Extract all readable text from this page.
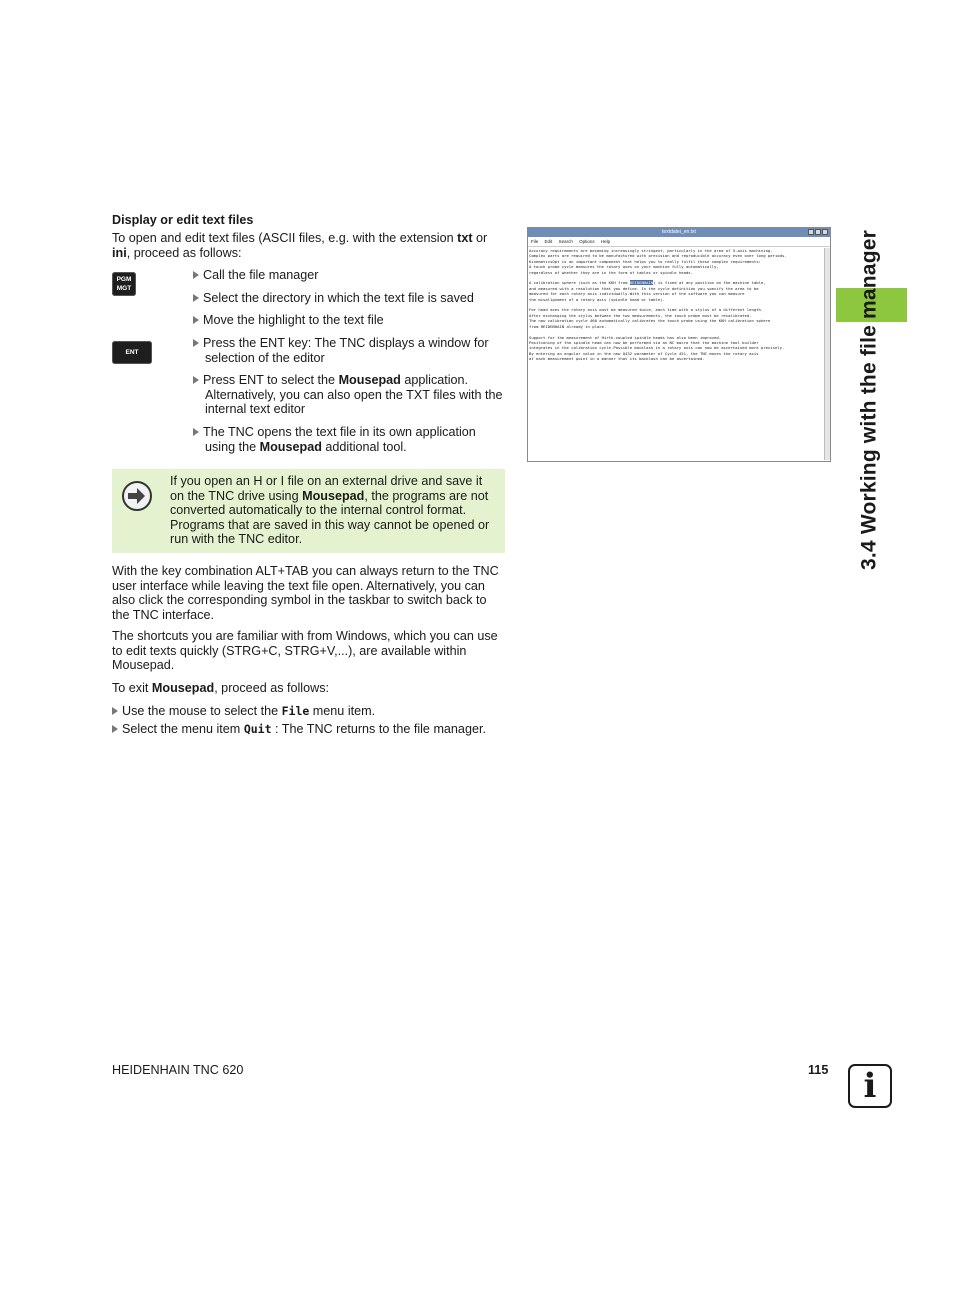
3.4 Working with the file manager
Display or edit text files
To open and edit text files (ASCII files, e.g. with the extension txt or
ini, proceed as follows:
PGM
MGT
ENT
Call the file manager
Select the directory in which the text file is saved
Move the highlight to the text file
Press the ENT key: The TNC displays a window for
selection of the editor
Press ENT to select the Mousepad application.
Alternatively, you can also open the TXT files with the
internal text editor
The TNC opens the text file in its own application
using the Mousepad additional tool.
If you open an H or I file on an external drive and save it
on the TNC drive using Mousepad, the programs are not
converted automatically to the internal control format.
Programs that are saved in this way cannot be opened or
run with the TNC editor.
With the key combination ALT+TAB you can always return to the TNC
user interface while leaving the text file open. Alternatively, you can
also click the corresponding symbol in the taskbar to switch back to
the TNC interface.
The shortcuts you are familiar with from Windows, which you can use
to edit texts quickly (STRG+C, STRG+V,...), are available within
Mousepad.
To exit Mousepad, proceed as follows:
Use the mouse to select the File menu item.
Select the menu item Quit : The TNC returns to the file manager.
textdatei_en.txt
File Edit Search Options Help
Accuracy requirements are becoming increasingly stringent, particularly in the area of 5-axis machining.
Complex parts are required to be manufactured with precision and reproducible accuracy even over long periods.
KinematicsOpt is an important component that helps you to really fulfil these complex requirements:
A touch probe cycle measures the rotary axes on your machine fully automatically,
regardless of whether they are in the form of tables or spindle heads.

A calibration sphere (such as the KKH from HEIDENHAIN) is fixed at any position on the machine table,
and measured with a resolution that you define. In the cycle definition you specify the area to be
measured for each rotary axis individually.With this version of the software you can measure
the misalignment of a rotary axis (spindle head or table).

For head axes the rotary axis must be measured twice, each time with a stylus of a different length.
After exchanging the stylus between the two measurements, the touch probe must be recalibrated.
The new calibration cycle 460 automatically calibrates the touch probe using the KKH calibration sphere
from HEIDENHAIN already in place.

Support for the measurement of Hirth-coupled spindle heads has also been improved.
Positioning of the spindle head can now be performed via an NC macro that the machine tool builder
integrates in the calibration cycle.Possible backlash in a rotary axis can now be ascertained more precisely.
By entering an angular value in the new Q432 parameter of Cycle 451, the TNC moves the rotary axis
at each measurement point in a manner that its backlash can be ascertained.
HEIDENHAIN TNC 620	115 i
